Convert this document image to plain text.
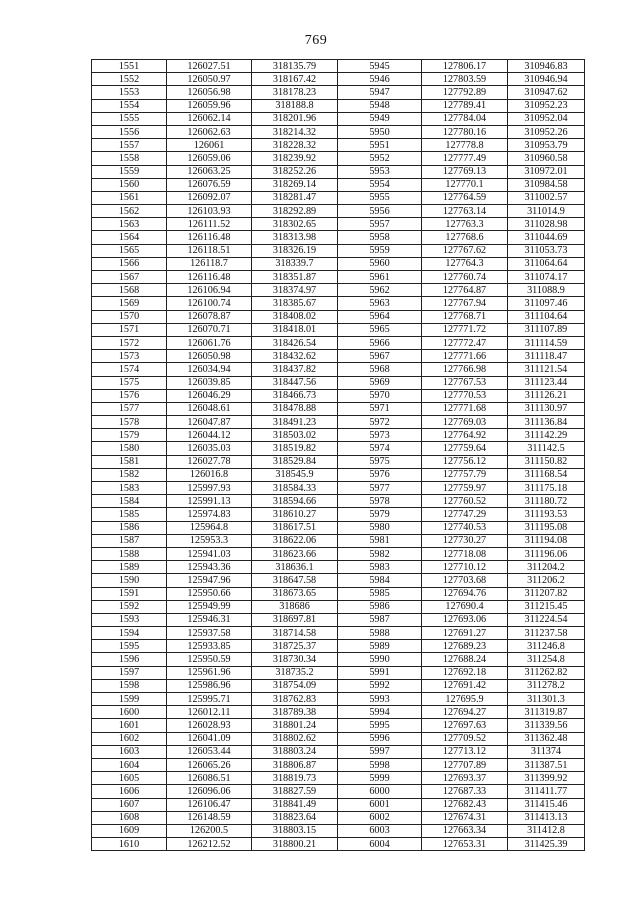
769
1551	126027.51	318135.79	5945	127806.17	310946.83
1552	126050.97	318167.42	5946	127803.59	310946.94
1553	126056.98	318178.23	5947	127792.89	310947.62
1554	126059.96	318188.8	5948	127789.41	310952.23
1555	126062.14	318201.96	5949	127784.04	310952.04
1556	126062.63	318214.32	5950	127780.16	310952.26
1557	126061	318228.32	5951	127778.8	310953.79
1558	126059.06	318239.92	5952	127777.49	310960.58
1559	126063.25	318252.26	5953	127769.13	310972.01
1560	126076.59	318269.14	5954	127770.1	310984.58
1561	126092.07	318281.47	5955	127764.59	311002.57
1562	126103.93	318292.89	5956	127763.14	311014.9
1563	126111.52	318302.65	5957	127763.3	311028.98
1564	126116.48	318313.98	5958	127768.6	311044.69
1565	126118.51	318326.19	5959	127767.62	311053.73
1566	126118.7	318339.7	5960	127764.3	311064.64
1567	126116.48	318351.87	5961	127760.74	311074.17
1568	126106.94	318374.97	5962	127764.87	311088.9
1569	126100.74	318385.67	5963	127767.94	311097.46
1570	126078.87	318408.02	5964	127768.71	311104.64
1571	126070.71	318418.01	5965	127771.72	311107.89
1572	126061.76	318426.54	5966	127772.47	311114.59
1573	126050.98	318432.62	5967	127771.66	311118.47
1574	126034.94	318437.82	5968	127766.98	311121.54
1575	126039.85	318447.56	5969	127767.53	311123.44
1576	126046.29	318466.73	5970	127770.53	311126.21
1577	126048.61	318478.88	5971	127771.68	311130.97
1578	126047.87	318491.23	5972	127769.03	311136.84
1579	126044.12	318503.02	5973	127764.92	311142.29
1580	126035.03	318519.82	5974	127759.64	311142.5
1581	126027.78	318529.84	5975	127756.12	311150.82
1582	126016.8	318545.9	5976	127757.79	311168.54
1583	125997.93	318584.33	5977	127759.97	311175.18
1584	125991.13	318594.66	5978	127760.52	311180.72
1585	125974.83	318610.27	5979	127747.29	311193.53
1586	125964.8	318617.51	5980	127740.53	311195.08
1587	125953.3	318622.06	5981	127730.27	311194.08
1588	125941.03	318623.66	5982	127718.08	311196.06
1589	125943.36	318636.1	5983	127710.12	311204.2
1590	125947.96	318647.58	5984	127703.68	311206.2
1591	125950.66	318673.65	5985	127694.76	311207.82
1592	125949.99	318686	5986	127690.4	311215.45
1593	125946.31	318697.81	5987	127693.06	311224.54
1594	125937.58	318714.58	5988	127691.27	311237.58
1595	125933.85	318725.37	5989	127689.23	311246.8
1596	125950.59	318730.34	5990	127688.24	311254.8
1597	125961.96	318735.2	5991	127692.18	311262.82
1598	125986.96	318754.09	5992	127691.42	311278.2
1599	125995.71	318762.83	5993	127695.9	311301.3
1600	126012.11	318789.38	5994	127694.27	311319.87
1601	126028.93	318801.24	5995	127697.63	311339.56
1602	126041.09	318802.62	5996	127709.52	311362.48
1603	126053.44	318803.24	5997	127713.12	311374
1604	126065.26	318806.87	5998	127707.89	311387.51
1605	126086.51	318819.73	5999	127693.37	311399.92
1606	126096.06	318827.59	6000	127687.33	311411.77
1607	126106.47	318841.49	6001	127682.43	311415.46
1608	126148.59	318823.64	6002	127674.31	311413.13
1609	126200.5	318803.15	6003	127663.34	311412.8
1610	126212.52	318800.21	6004	127653.31	311425.39
